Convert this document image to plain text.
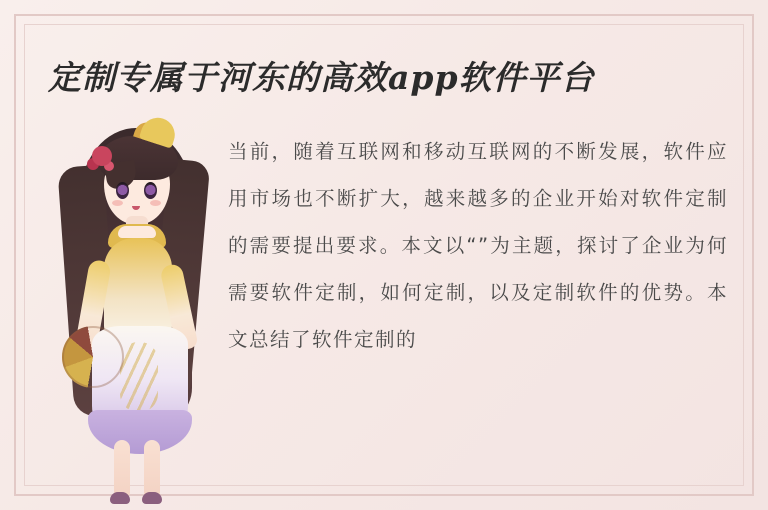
定制专属于河东的高效app软件平台
当前，随着互联网和移动互联网的不断发展，软件应用市场也不断扩大，越来越多的企业开始对软件定制的需要提出要求。本文以“”为主题，探讨了企业为何需要软件定制，如何定制，以及定制软件的优势。本文总结了软件定制的
